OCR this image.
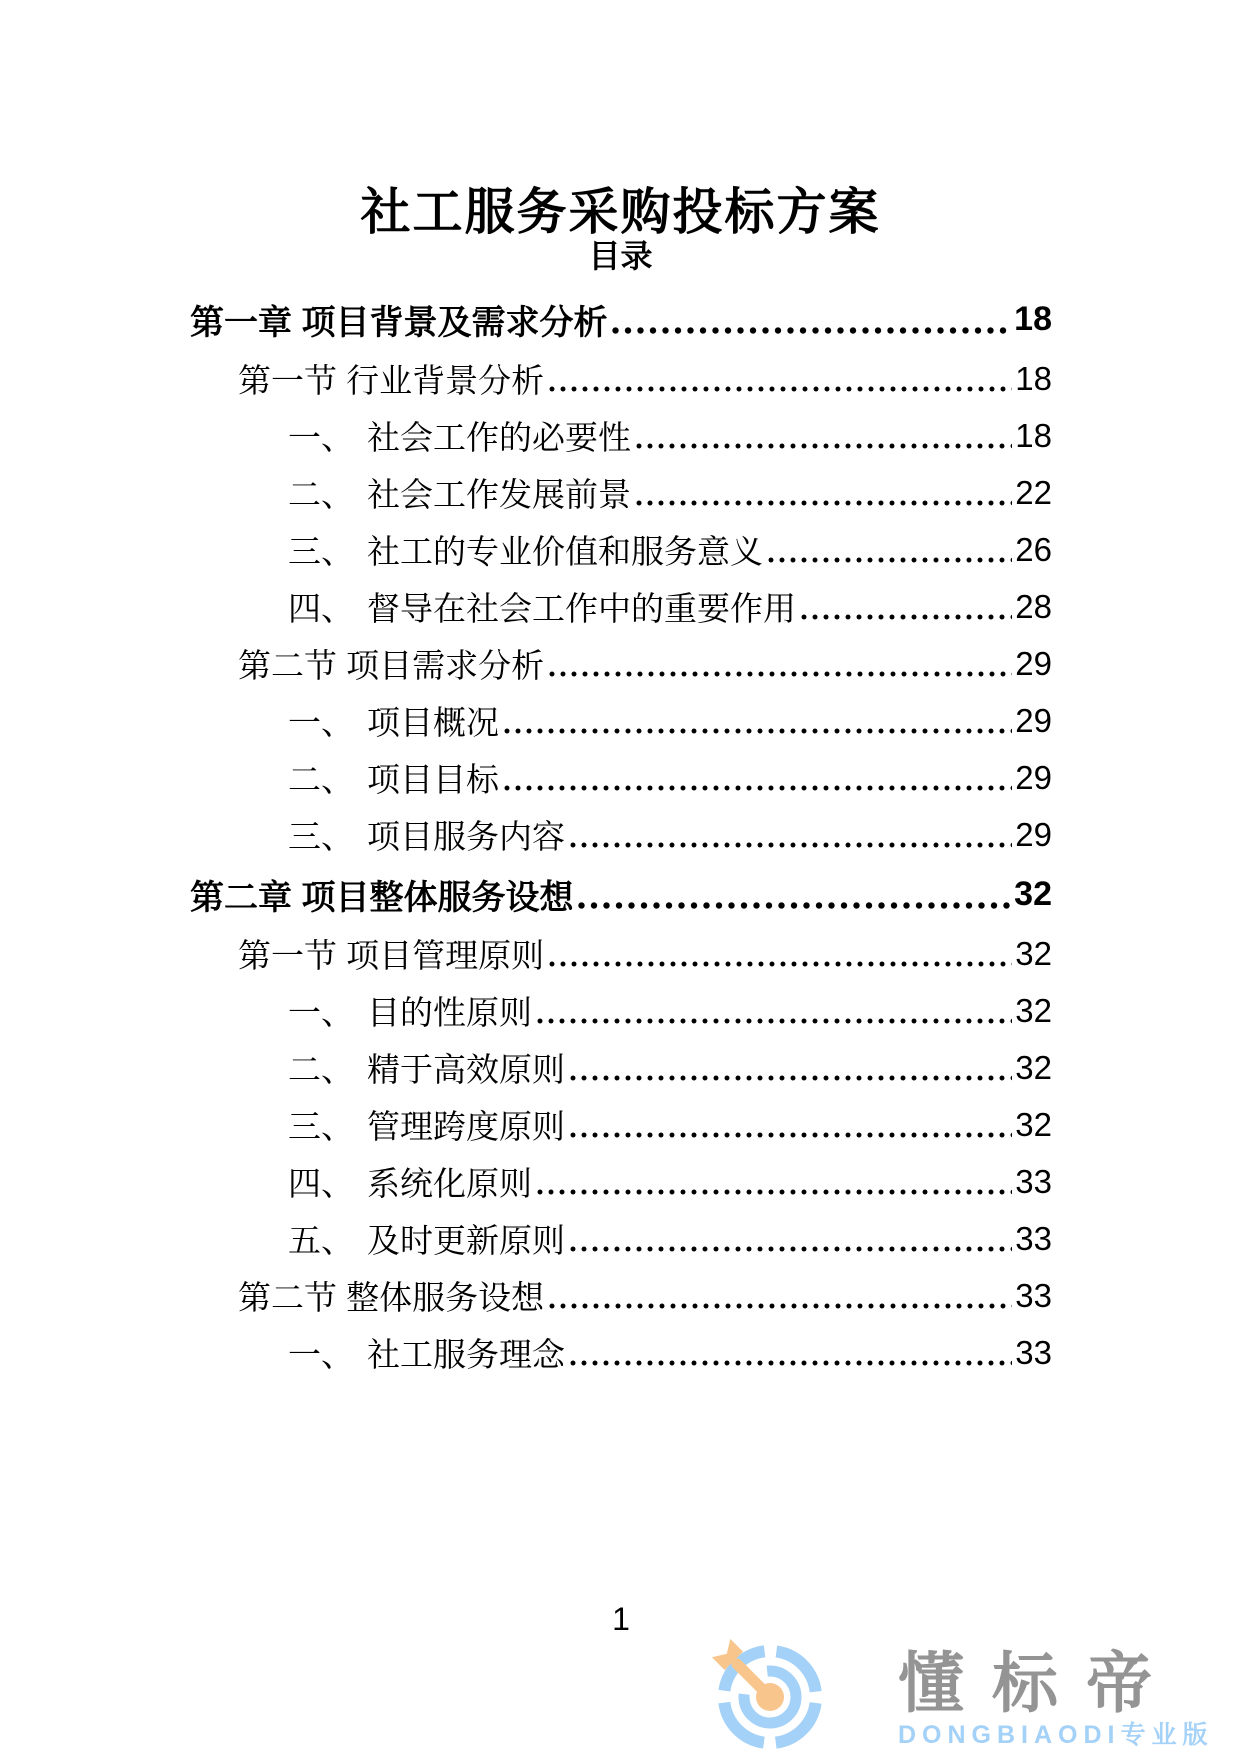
社工服务采购投标方案
目录
第一章 项目背景及需求分析	18
第一节 行业背景分析	18
一、 社会工作的必要性	18
二、 社会工作发展前景	22
三、 社工的专业价值和服务意义	26
四、 督导在社会工作中的重要作用	28
第二节 项目需求分析	29
一、 项目概况	29
二、 项目目标	29
三、 项目服务内容	29
第二章 项目整体服务设想	32
第一节 项目管理原则	32
一、 目的性原则	32
二、 精于高效原则	32
三、 管理跨度原则	32
四、 系统化原则	33
五、 及时更新原则	33
第二节 整体服务设想	33
一、 社工服务理念	33
1
懂标帝
DONGBIAODI专业版
